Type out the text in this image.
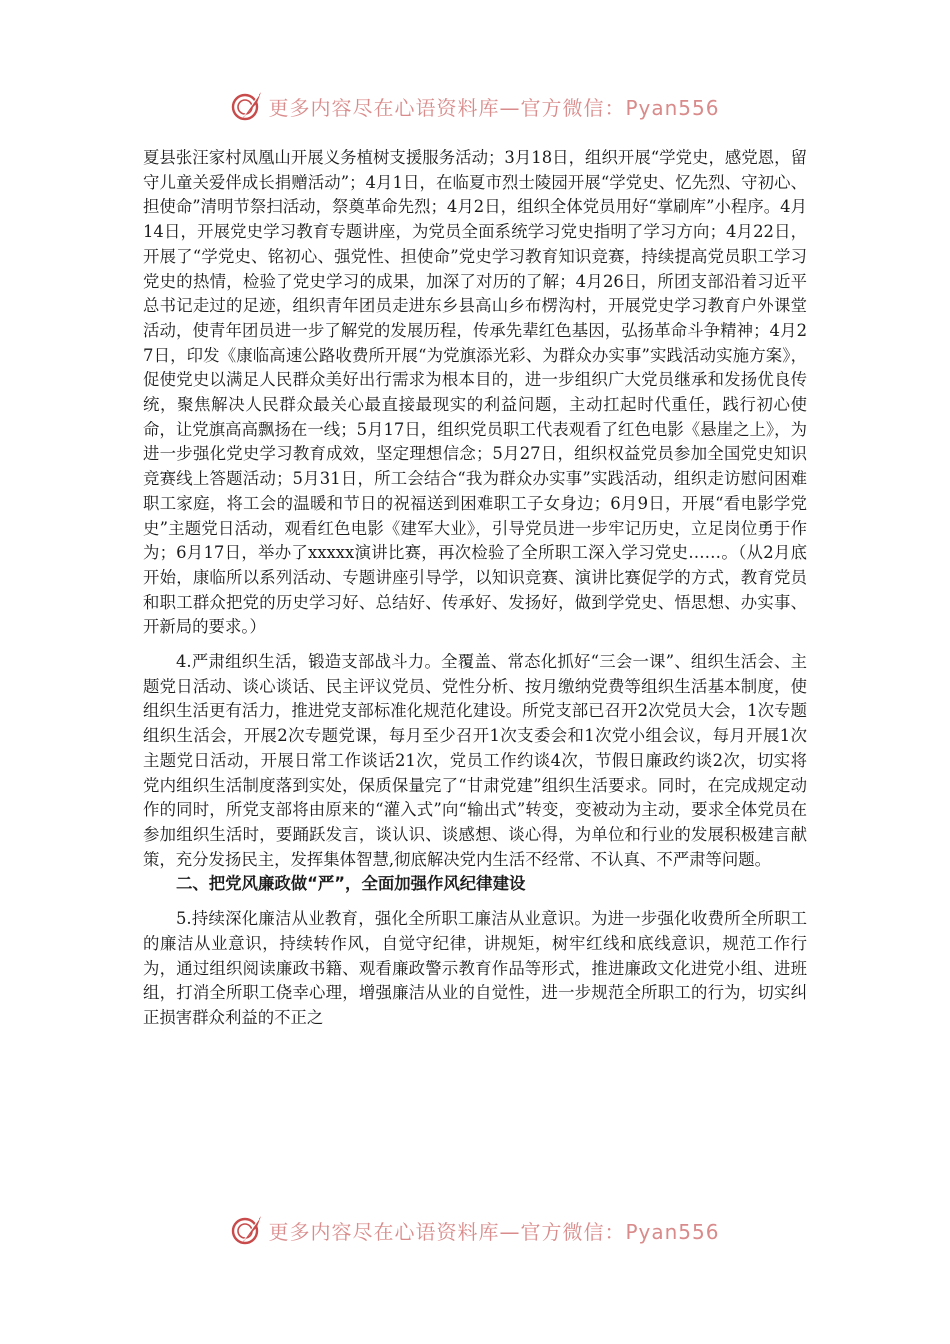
更多内容尽在心语资料库—官方微信：Pyan556

夏县张汪家村凤凰山开展义务植树支援服务活动；3月18日，组织开展“学党史，感党恩，留守儿童关爱伴成长捐赠活动”；4月1日，在临夏市烈士陵园开展“学党史、忆先烈、守初心、担使命”清明节祭扫活动，祭奠革命先烈；4月2日，组织全体党员用好“掌刷库”小程序。4月14日，开展党史学习教育专题讲座，为党员全面系统学习党史指明了学习方向；4月22日，开展了“学党史、铭初心、强党性、担使命”党史学习教育知识竞赛，持续提高党员职工学习党史的热情，检验了党史学习的成果，加深了对历的了解；4月26日，所团支部沿着习近平总书记走过的足迹，组织青年团员走进东乡县高山乡布楞沟村，开展党史学习教育户外课堂活动，使青年团员进一步了解党的发展历程，传承先辈红色基因，弘扬革命斗争精神；4月27日，印发《康临高速公路收费所开展“为党旗添光彩、为群众办实事”实践活动实施方案》，促使党史以满足人民群众美好出行需求为根本目的，进一步组织广大党员继承和发扬优良传统，聚焦解决人民群众最关心最直接最现实的利益问题，主动扛起时代重任，践行初心使命，让党旗高高飘扬在一线；5月17日，组织党员职工代表观看了红色电影《悬崖之上》，为进一步强化党史学习教育成效，坚定理想信念；5月27日，组织权益党员参加全国党史知识竞赛线上答题活动；5月31日，所工会结合“我为群众办实事”实践活动，组织走访慰问困难职工家庭，将工会的温暖和节日的祝福送到困难职工子女身边；6月9日，开展“看电影学党史”主题党日活动，观看红色电影《建军大业》，引导党员进一步牢记历史，立足岗位勇于作为；6月17日，举办了xxxxx演讲比赛，再次检验了全所职工深入学习党史……。（从2月底开始，康临所以系列活动、专题讲座引导学，以知识竞赛、演讲比赛促学的方式，教育党员和职工群众把党的历史学习好、总结好、传承好、发扬好，做到学党史、悟思想、办实事、开新局的要求。）

4.严肃组织生活，锻造支部战斗力。全覆盖、常态化抓好“三会一课”、组织生活会、主题党日活动、谈心谈话、民主评议党员、党性分析、按月缴纳党费等组织生活基本制度，使组织生活更有活力，推进党支部标准化规范化建设。所党支部已召开2次党员大会，1次专题组织生活会，开展2次专题党课，每月至少召开1次支委会和1次党小组会议，每月开展1次主题党日活动，开展日常工作谈话21次，党员工作约谈4次，节假日廉政约谈2次，切实将党内组织生活制度落到实处，保质保量完了“甘肃党建”组织生活要求。同时，在完成规定动作的同时，所党支部将由原来的“灌入式”向“输出式”转变，变被动为主动，要求全体党员在参加组织生活时，要踊跃发言，谈认识、谈感想、谈心得，为单位和行业的发展积极建言献策，充分发扬民主，发挥集体智慧,彻底解决党内生活不经常、不认真、不严肃等问题。

二、把党风廉政做“严”，全面加强作风纪律建设

5.持续深化廉洁从业教育，强化全所职工廉洁从业意识。为进一步强化收费所全所职工的廉洁从业意识，持续转作风，自觉守纪律，讲规矩，树牢红线和底线意识，规范工作行为，通过组织阅读廉政书籍、观看廉政警示教育作品等形式，推进廉政文化进党小组、进班组，打消全所职工侥幸心理，增强廉洁从业的自觉性，进一步规范全所职工的行为，切实纠正损害群众利益的不正之

更多内容尽在心语资料库—官方微信：Pyan556
